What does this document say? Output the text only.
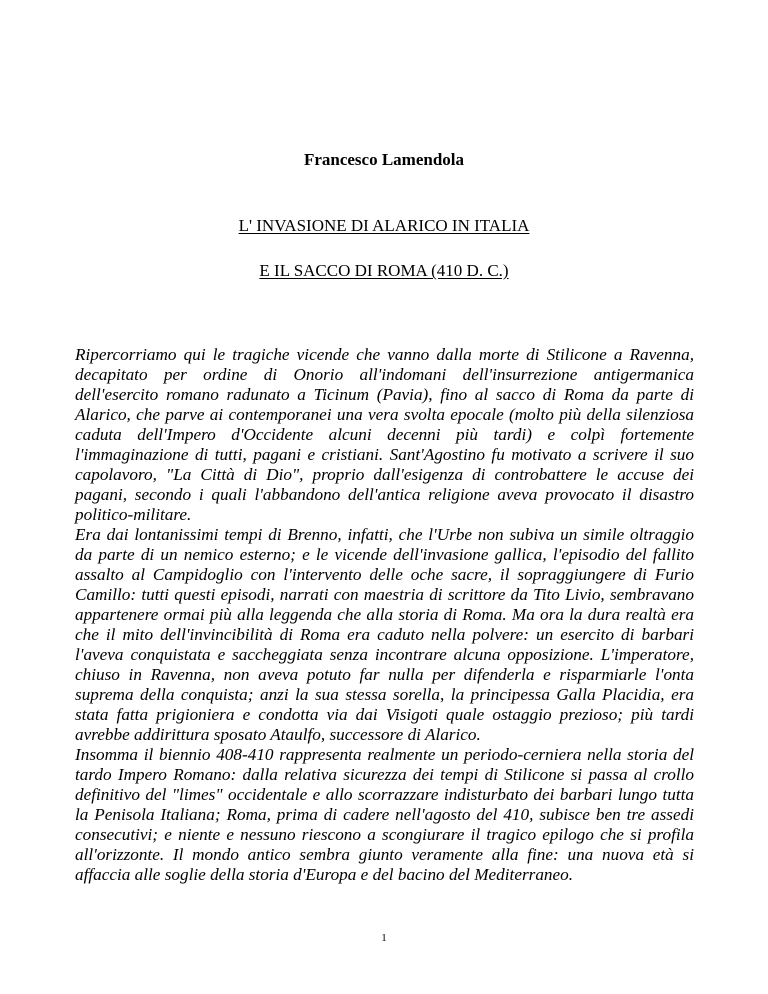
Francesco Lamendola
L' INVASIONE DI ALARICO IN ITALIA
E IL SACCO DI ROMA (410 D. C.)

Ripercorriamo qui le tragiche vicende che vanno dalla morte di Stilicone a Ravenna, decapitato per ordine di Onorio all'indomani dell'insurrezione antigermanica dell'esercito romano radunato a Ticinum (Pavia), fino al sacco di Roma da parte di Alarico, che parve ai contemporanei una vera svolta epocale (molto più della silenziosa caduta dell'Impero d'Occidente alcuni decenni più tardi) e colpì fortemente l'immaginazione di tutti, pagani e cristiani. Sant'Agostino fu motivato a scrivere il suo capolavoro, "La Città di Dio", proprio dall'esigenza di controbattere le accuse dei pagani, secondo i quali l'abbandono dell'antica religione aveva provocato il disastro politico-militare.

Era dai lontanissimi tempi di Brenno, infatti, che l'Urbe non subiva un simile oltraggio da parte di un nemico esterno; e le vicende dell'invasione gallica, l'episodio del fallito assalto al Campidoglio con l'intervento delle oche sacre, il sopraggiungere di Furio Camillo: tutti questi episodi, narrati con maestria di scrittore da Tito Livio, sembravano appartenere ormai più alla leggenda che alla storia di Roma. Ma ora la dura realtà era che il mito dell'invincibilità di Roma era caduto nella polvere: un esercito di barbari l'aveva conquistata e saccheggiata senza incontrare alcuna opposizione. L'imperatore, chiuso in Ravenna, non aveva potuto far nulla per difenderla e risparmiarle l'onta suprema della conquista; anzi la sua stessa sorella, la principessa Galla Placidia, era stata fatta prigioniera e condotta via dai Visigoti quale ostaggio prezioso; più tardi avrebbe addirittura sposato Ataulfo, successore di Alarico.

Insomma il biennio 408-410 rappresenta realmente un periodo-cerniera nella storia del tardo Impero Romano: dalla relativa sicurezza dei tempi di Stilicone si passa al crollo definitivo del "limes" occidentale e allo scorrazzare indisturbato dei barbari lungo tutta la Penisola Italiana; Roma, prima di cadere nell'agosto del 410, subisce ben tre assedi consecutivi; e niente e nessuno riescono a scongiurare il tragico epilogo che si profila all'orizzonte. Il mondo antico sembra giunto veramente alla fine: una nuova età si affaccia alle soglie della storia d'Europa e del bacino del Mediterraneo.

1
